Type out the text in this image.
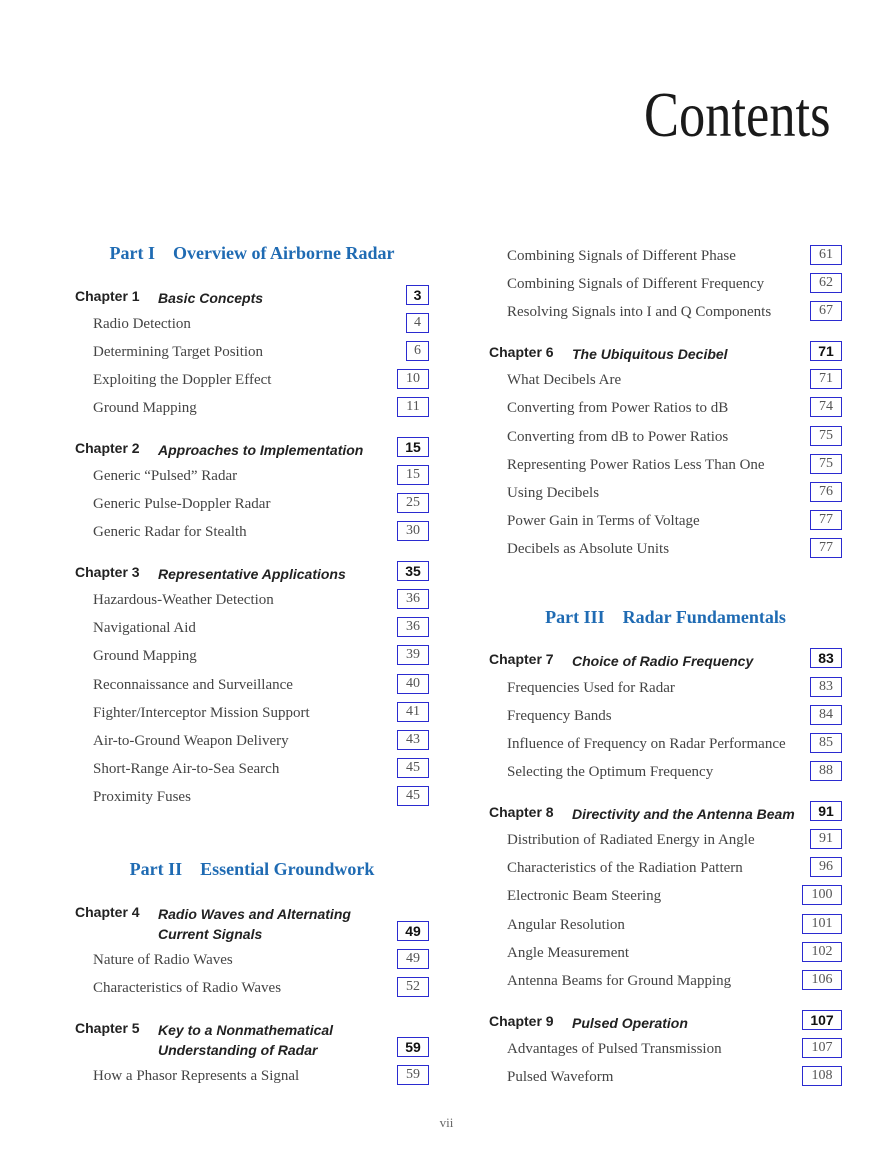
Contents
Part I Overview of Airborne Radar
Chapter 1 Basic Concepts	3
Radio Detection	4
Determining Target Position	6
Exploiting the Doppler Effect	10
Ground Mapping	11
Chapter 2 Approaches to Implementation	15
Generic “Pulsed” Radar	15
Generic Pulse-Doppler Radar	25
Generic Radar for Stealth	30
Chapter 3 Representative Applications	35
Hazardous-Weather Detection	36
Navigational Aid	36
Ground Mapping	39
Reconnaissance and Surveillance	40
Fighter/Interceptor Mission Support	41
Air-to-Ground Weapon Delivery	43
Short-Range Air-to-Sea Search	45
Proximity Fuses	45
Part II Essential Groundwork
Chapter 4 Radio Waves and Alternating
Current Signals	49
Nature of Radio Waves	49
Characteristics of Radio Waves	52
Chapter 5 Key to a Nonmathematical
Understanding of Radar	59
How a Phasor Represents a Signal	59
Combining Signals of Different Phase	61
Combining Signals of Different Frequency	62
Resolving Signals into I and Q Components	67
Chapter 6 The Ubiquitous Decibel	71
What Decibels Are	71
Converting from Power Ratios to dB	74
Converting from dB to Power Ratios	75
Representing Power Ratios Less Than One	75
Using Decibels	76
Power Gain in Terms of Voltage	77
Decibels as Absolute Units	77
Part III Radar Fundamentals
Chapter 7 Choice of Radio Frequency	83
Frequencies Used for Radar	83
Frequency Bands	84
Influence of Frequency on Radar Performance	85
Selecting the Optimum Frequency	88
Chapter 8 Directivity and the Antenna Beam	91
Distribution of Radiated Energy in Angle	91
Characteristics of the Radiation Pattern	96
Electronic Beam Steering	100
Angular Resolution	101
Angle Measurement	102
Antenna Beams for Ground Mapping	106
Chapter 9 Pulsed Operation	107
Advantages of Pulsed Transmission	107
Pulsed Waveform	108
vii
